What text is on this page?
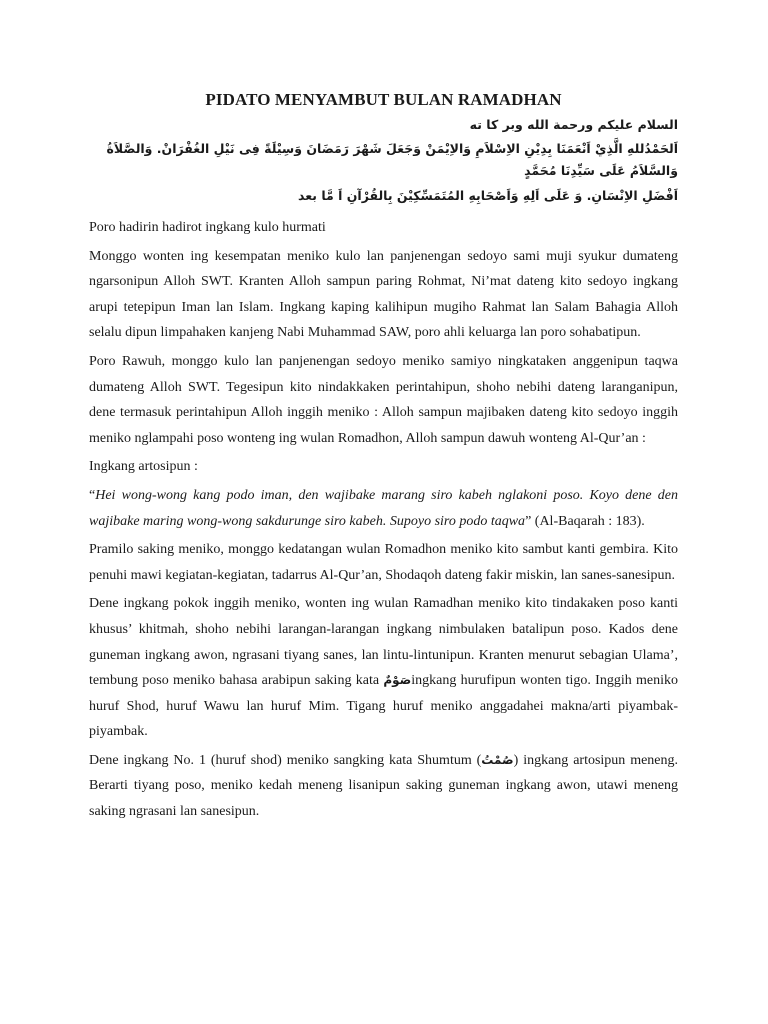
PIDATO MENYAMBUT BULAN RAMADHAN

السلام عليكم ورحمة الله وبر كا ته

اَلحَمْدُللهِ الَّذِيْ اَنْعَمَنَا بِدِيْنِ الاِسْلاَمِ وَالاِيْمَنْ وَجَعَلَ شَهْرَ رَمَضَانَ وَسِيْلَةً فِى نَيْلِ الغُفْرَانْ. وَالصَّلاَةُ وَالسَّلاَمُ عَلَى سَيِّدِنَا مُحَمَّدٍ

اَفْضَلِ الاِنْسَانِ. وَ عَلَى اَلِهِ وَاَصْحَابِهِ المُتَمَسِّكِيْنَ بِالقُرْآنِ اَ مَّا بعد

Poro hadirin hadirot ingkang kulo hurmati

Monggo wonten ing kesempatan meniko kulo lan panjenengan sedoyo sami muji syukur dumateng ngarsonipun Alloh SWT. Kranten Alloh sampun paring Rohmat, Ni’mat dateng kito sedoyo ingkang arupi tetepipun Iman lan Islam. Ingkang kaping kalihipun mugiho Rahmat lan Salam Bahagia Alloh selalu dipun limpahaken kanjeng Nabi Muhammad SAW, poro ahli keluarga lan poro sohabatipun.

Poro Rawuh, monggo kulo lan panjenengan sedoyo meniko samiyo ningkataken anggenipun taqwa dumateng Alloh SWT. Tegesipun kito nindakkaken perintahipun, shoho nebihi dateng laranganipun, dene termasuk perintahipun Alloh inggih meniko : Alloh sampun majibaken dateng kito sedoyo inggih meniko nglampahi poso wonteng ing wulan Romadhon, Alloh sampun dawuh wonteng Al-Qur’an :

Ingkang artosipun :

“Hei wong-wong kang podo iman, den wajibake marang siro kabeh nglakoni poso. Koyo dene den wajibake maring wong-wong sakdurunge siro kabeh. Supoyo siro podo taqwa” (Al-Baqarah : 183).

Pramilo saking meniko, monggo kedatangan wulan Romadhon meniko kito sambut kanti gembira. Kito penuhi mawi kegiatan-kegiatan, tadarrus Al-Qur’an, Shodaqoh dateng fakir miskin, lan sanes-sanesipun.

Dene ingkang pokok inggih meniko, wonten ing wulan Ramadhan meniko kito tindakaken poso kanti khusus’ khitmah, shoho nebihi larangan-larangan ingkang nimbulaken batalipun poso. Kados dene guneman ingkang awon, ngrasani tiyang sanes, lan lintu-lintunipun. Kranten menurut sebagian Ulama’, tembung poso meniko bahasa arabipun saking kata صَوْمٌingkang hurufipun wonten tigo. Inggih meniko huruf Shod, huruf Wawu lan huruf Mim. Tigang huruf meniko anggadahei makna/arti piyambak-piyambak.

Dene ingkang No. 1 (huruf shod) meniko sangking kata Shumtum (صُمْتُ) ingkang artosipun meneng. Berarti tiyang poso, meniko kedah meneng lisanipun saking guneman ingkang awon, utawi meneng saking ngrasani lan sanesipun.
